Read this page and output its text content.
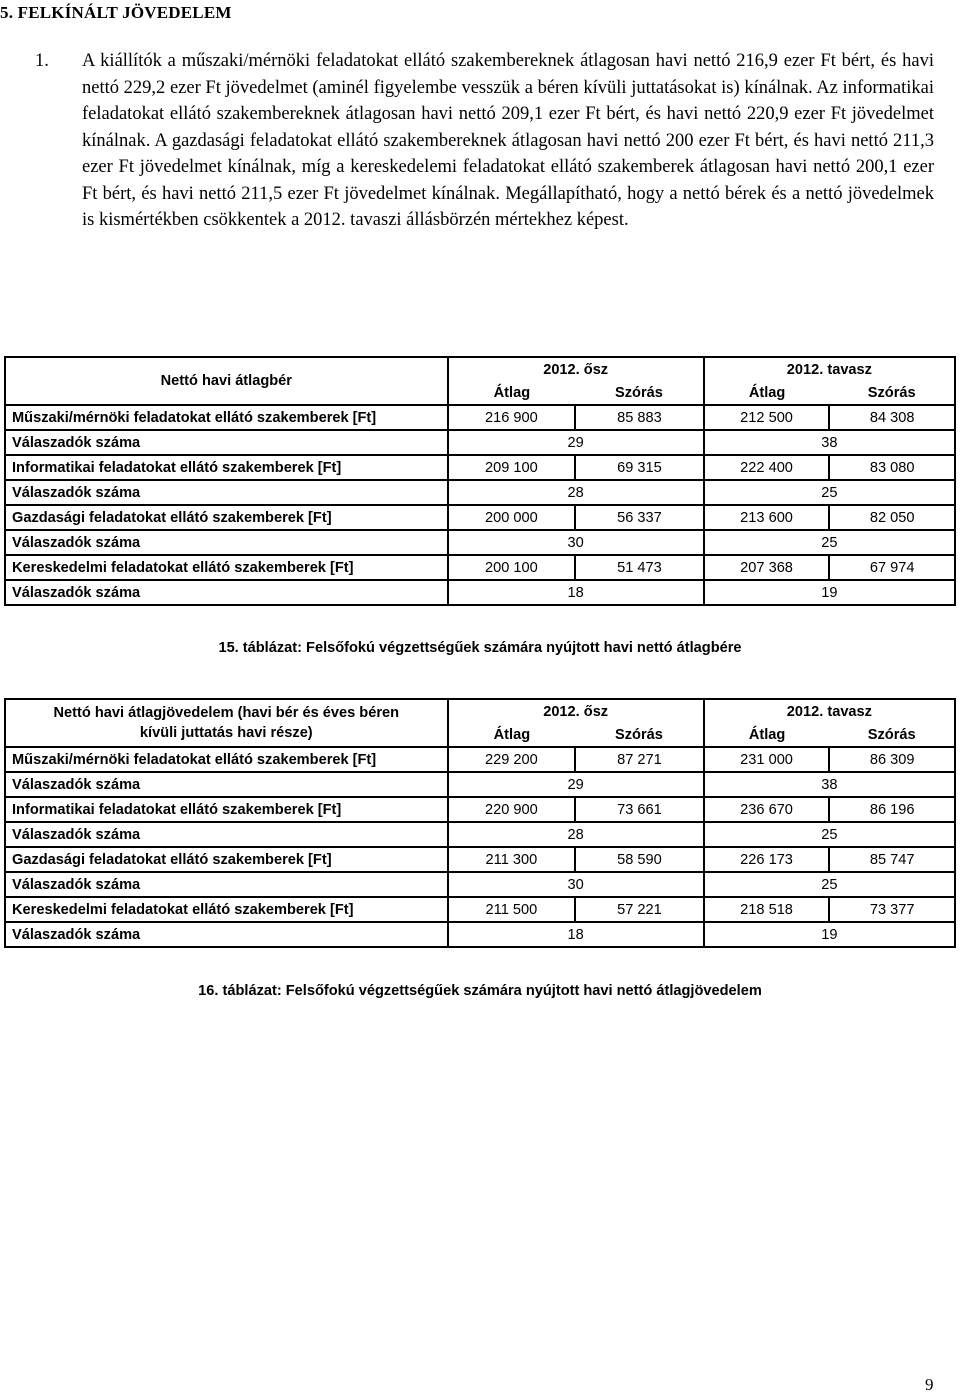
5. FELKÍNÁLT JÖVEDELEM
1. A kiállítók a műszaki/mérnöki feladatokat ellátó szakembereknek átlagosan havi nettó 216,9 ezer Ft bért, és havi nettó 229,2 ezer Ft jövedelmet (aminél figyelembe vesszük a béren kívüli juttatásokat is) kínálnak. Az informatikai feladatokat ellátó szakembereknek átlagosan havi nettó 209,1 ezer Ft bért, és havi nettó 220,9 ezer Ft jövedelmet kínálnak. A gazdasági feladatokat ellátó szakembereknek átlagosan havi nettó 200 ezer Ft bért, és havi nettó 211,3 ezer Ft jövedelmet kínálnak, míg a kereskedelemi feladatokat ellátó szakemberek átlagosan havi nettó 200,1 ezer Ft bért, és havi nettó 211,5 ezer Ft jövedelmet kínálnak. Megállapítható, hogy a nettó bérek és a nettó jövedelmek is kismértékben csökkentek a 2012. tavaszi állásbörzén mértekhez képest.
Nettó havi átlagbér	2012. ősz		2012. tavasz	
	Átlag	Szórás	Átlag	Szórás
Műszaki/mérnöki feladatokat ellátó szakemberek [Ft]	216 900	85 883	212 500	84 308
Válaszadók száma	29		38	
Informatikai feladatokat ellátó szakemberek [Ft]	209 100	69 315	222 400	83 080
Válaszadók száma	28		25	
Gazdasági feladatokat ellátó szakemberek [Ft]	200 000	56 337	213 600	82 050
Válaszadók száma	30		25	
Kereskedelmi feladatokat ellátó szakemberek [Ft]	200 100	51 473	207 368	67 974
Válaszadók száma	18		19	
15. táblázat: Felsőfokú végzettségűek számára nyújtott havi nettó átlagbére
Nettó havi átlagjövedelem (havi bér és éves béren kívüli juttatás havi része)	2012. ősz		2012. tavasz	
	Átlag	Szórás	Átlag	Szórás
Műszaki/mérnöki feladatokat ellátó szakemberek [Ft]	229 200	87 271	231 000	86 309
Válaszadók száma	29		38	
Informatikai feladatokat ellátó szakemberek [Ft]	220 900	73 661	236 670	86 196
Válaszadók száma	28		25	
Gazdasági feladatokat ellátó szakemberek [Ft]	211 300	58 590	226 173	85 747
Válaszadók száma	30		25	
Kereskedelmi feladatokat ellátó szakemberek [Ft]	211 500	57 221	218 518	73 377
Válaszadók száma	18		19	
16. táblázat: Felsőfokú végzettségűek számára nyújtott havi nettó átlagjövedelem
9
